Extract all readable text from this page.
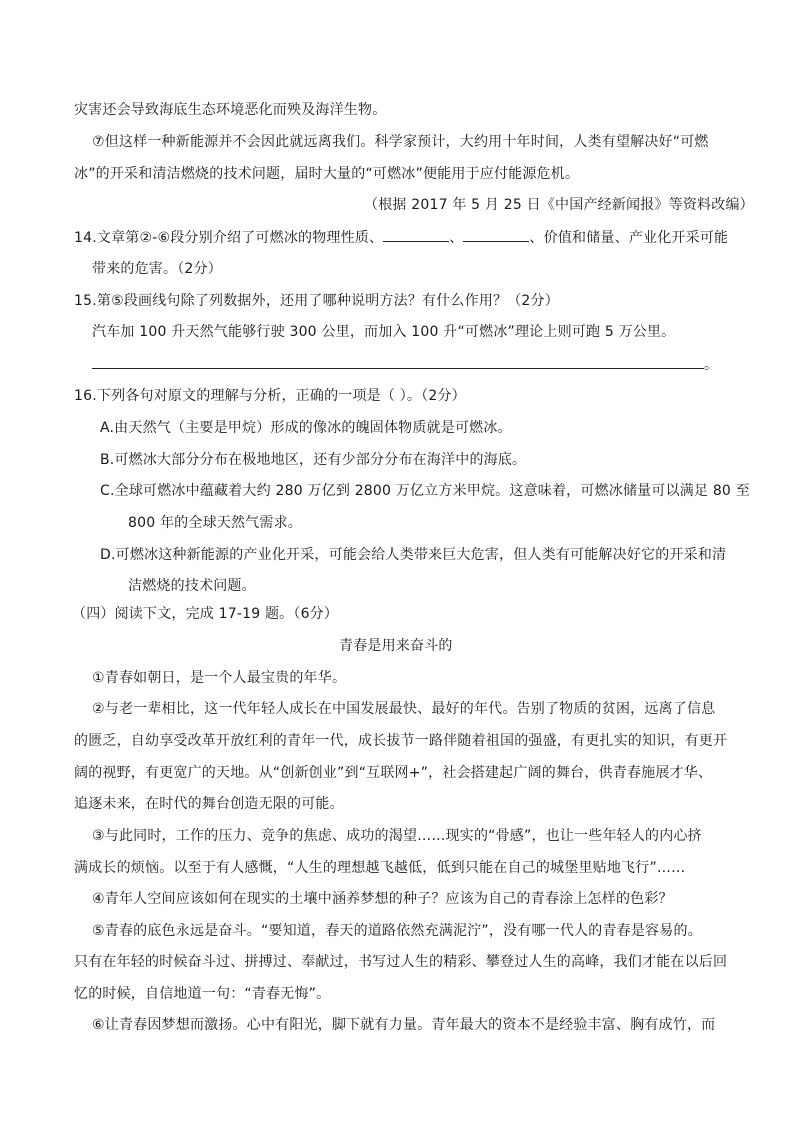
灾害还会导致海底生态环境恶化而殃及海洋生物。
⑦但这样一种新能源并不会因此就远离我们。科学家预计，大约用十年时间，人类有望解决好“可燃
冰”的开采和清洁燃烧的技术问题，届时大量的“可燃冰”便能用于应付能源危机。
（根据 2017 年 5 月 25 日《中国产经新闻报》等资料改编）
14.文章第②-⑥段分别介绍了可燃冰的物理性质、	、	、价值和储量、产业化开采可能
带来的危害。（2分）
15.第⑤段画线句除了列数据外，还用了哪种说明方法？有什么作用？（2分）
汽车加 100 升天然气能够行驶 300 公里，而加入 100 升“可燃冰”理论上则可跑 5 万公里。
。
16.下列各句对原文的理解与分析，正确的一项是（ ）。（2分）
A.由天然气（主要是甲烷）形成的像冰的魄固体物质就是可燃冰。
B.可燃冰大部分分布在极地地区，还有少部分分布在海洋中的海底。
C.全球可燃冰中蕴藏着大约 280 万亿到 2800 万亿立方米甲烷。这意味着，可燃冰储量可以满足 80 至
800 年的全球天然气需求。
D.可燃冰这种新能源的产业化开采，可能会给人类带来巨大危害，但人类有可能解决好它的开采和清
洁燃烧的技术问题。
（四）阅读下文，完成 17-19 题。（6分）
青春是用来奋斗的
①青春如朝日，是一个人最宝贵的年华。
②与老一辈相比，这一代年轻人成长在中国发展最快、最好的年代。告别了物质的贫困，远离了信息
的匮乏，自幼享受改革开放红利的青年一代，成长拔节一路伴随着祖国的强盛，有更扎实的知识，有更开
阔的视野，有更宽广的天地。从“创新创业”到“互联网+”，社会搭建起广阔的舞台，供青春施展才华、
追逐未来，在时代的舞台创造无限的可能。
③与此同时，工作的压力、竞争的焦虑、成功的渴望……现实的“骨感”，也让一些年轻人的内心挤
满成长的烦恼。以至于有人感慨，“人生的理想越飞越低，低到只能在自己的城堡里贴地飞行”……
④青年人空间应该如何在现实的土壤中涵养梦想的种子？应该为自己的青春涂上怎样的色彩？
⑤青春的底色永远是奋斗。“要知道，春天的道路依然充满泥泞”，没有哪一代人的青春是容易的。
只有在年轻的时候奋斗过、拼搏过、奉献过，书写过人生的精彩、攀登过人生的高峰，我们才能在以后回
忆的时候，自信地道一句：“青春无悔”。
⑥让青春因梦想而激扬。心中有阳光，脚下就有力量。青年最大的资本不是经验丰富、胸有成竹，而
